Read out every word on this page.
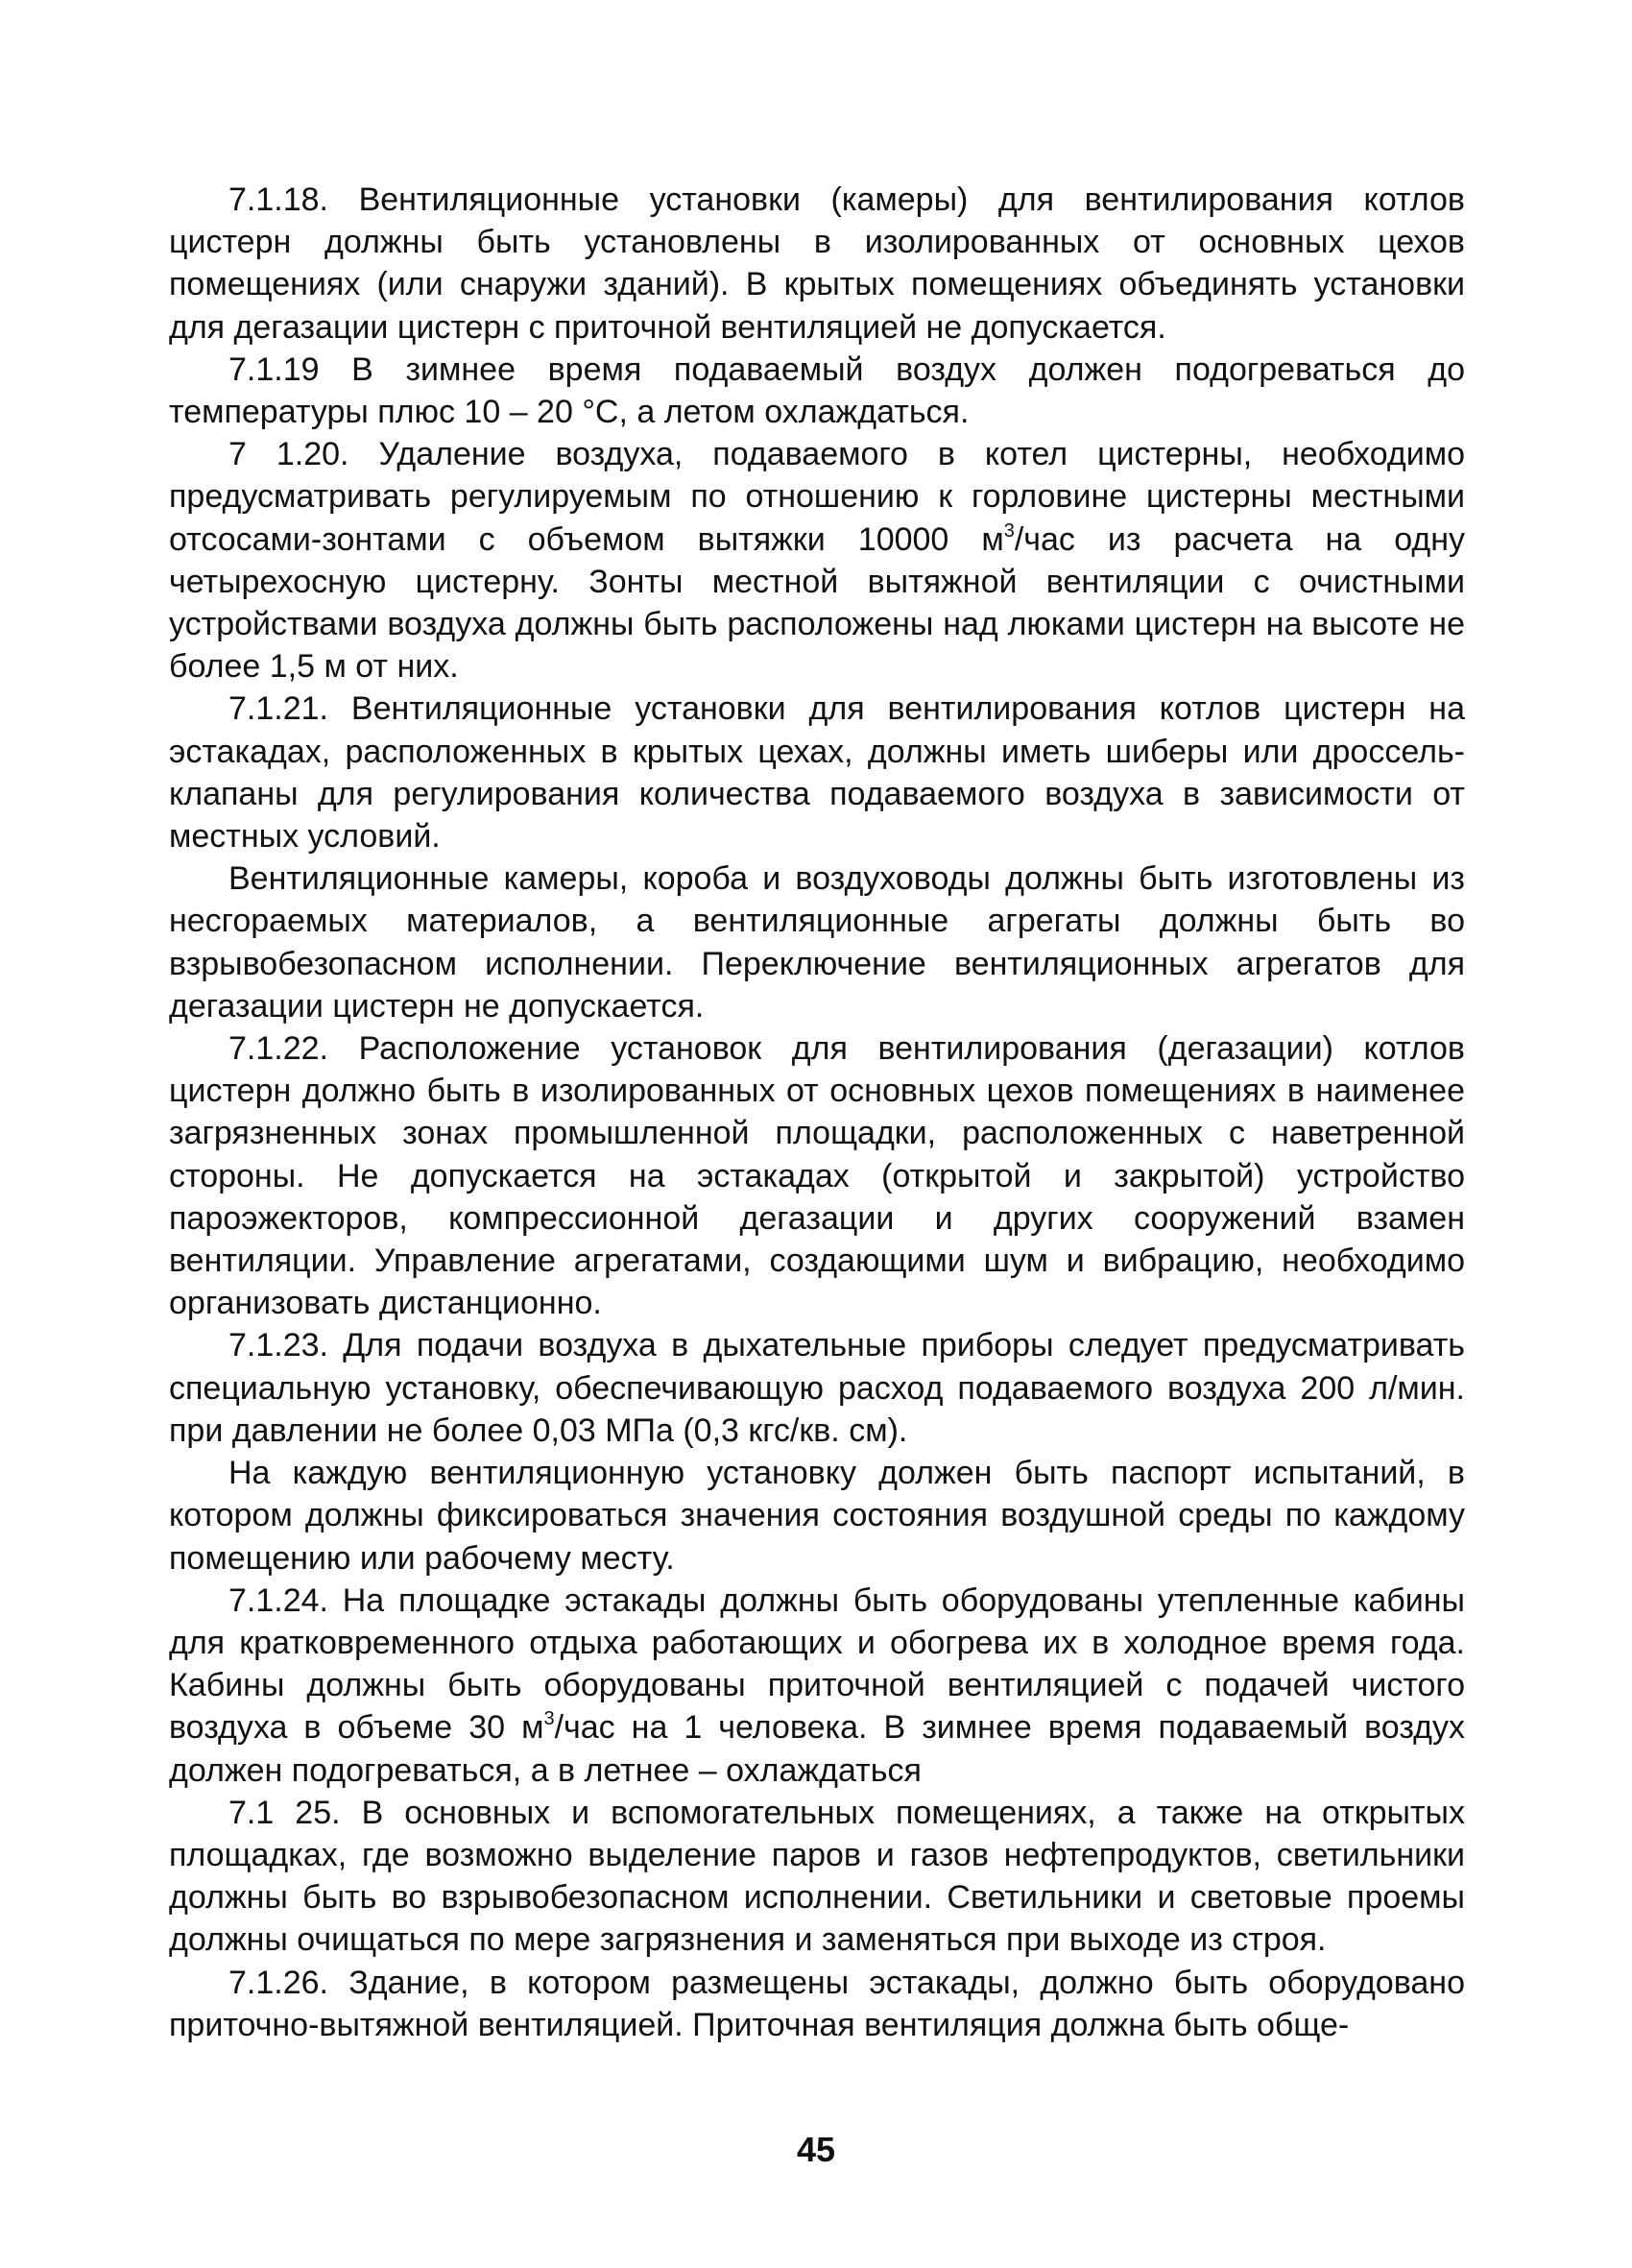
7.1.18. Вентиляционные установки (камеры) для вентилирования котлов цистерн должны быть установлены в изолированных от основных цехов помещениях (или снаружи зданий). В крытых помещениях объединять установки для дегазации цистерн с приточной вентиляцией не допускается.

7.1.19 В зимнее время подаваемый воздух должен подогреваться до температуры плюс 10 – 20 °С, а летом охлаждаться.

7 1.20. Удаление воздуха, подаваемого в котел цистерны, необходимо предусматривать регулируемым по отношению к горловине цистерны местными отсосами-зонтами с объемом вытяжки 10000 $м^3$/час из расчета на одну четырехосную цистерну. Зонты местной вытяжной вентиляции с очистными устройствами воздуха должны быть расположены над люками цистерн на высоте не более 1,5 м от них.

7.1.21. Вентиляционные установки для вентилирования котлов цистерн на эстакадах, расположенных в крытых цехах, должны иметь шиберы или дроссель-клапаны для регулирования количества подаваемого воздуха в зависимости от местных условий.

Вентиляционные камеры, короба и воздуховоды должны быть изготовлены из несгораемых материалов, а вентиляционные агрегаты должны быть во взрывобезопасном исполнении. Переключение вентиляционных агрегатов для дегазации цистерн не допускается.

7.1.22. Расположение установок для вентилирования (дегазации) котлов цистерн должно быть в изолированных от основных цехов помещениях в наименее загрязненных зонах промышленной площадки, расположенных с наветренной стороны. Не допускается на эстакадах (открытой и закрытой) устройство пароэжекторов, компрессионной дегазации и других сооружений взамен вентиляции. Управление агрегатами, создающими шум и вибрацию, необходимо организовать дистанционно.

7.1.23. Для подачи воздуха в дыхательные приборы следует предусматривать специальную установку, обеспечивающую расход подаваемого воздуха 200 л/мин. при давлении не более 0,03 МПа (0,3 кгс/кв. см).

На каждую вентиляционную установку должен быть паспорт испытаний, в котором должны фиксироваться значения состояния воздушной среды по каждому помещению или рабочему месту.

7.1.24. На площадке эстакады должны быть оборудованы утепленные кабины для кратковременного отдыха работающих и обогрева их в холодное время года. Кабины должны быть оборудованы приточной вентиляцией с подачей чистого воздуха в объеме 30 $м^3$/час на 1 человека. В зимнее время подаваемый воздух должен подогреваться, а в летнее – охлаждаться

7.1 25. В основных и вспомогательных помещениях, а также на открытых площадках, где возможно выделение паров и газов нефтепродуктов, светильники должны быть во взрывобезопасном исполнении. Светильники и световые проемы должны очищаться по мере загрязнения и заменяться при выходе из строя.

7.1.26. Здание, в котором размещены эстакады, должно быть оборудовано приточно-вытяжной вентиляцией. Приточная вентиляция должна быть обще-

45
